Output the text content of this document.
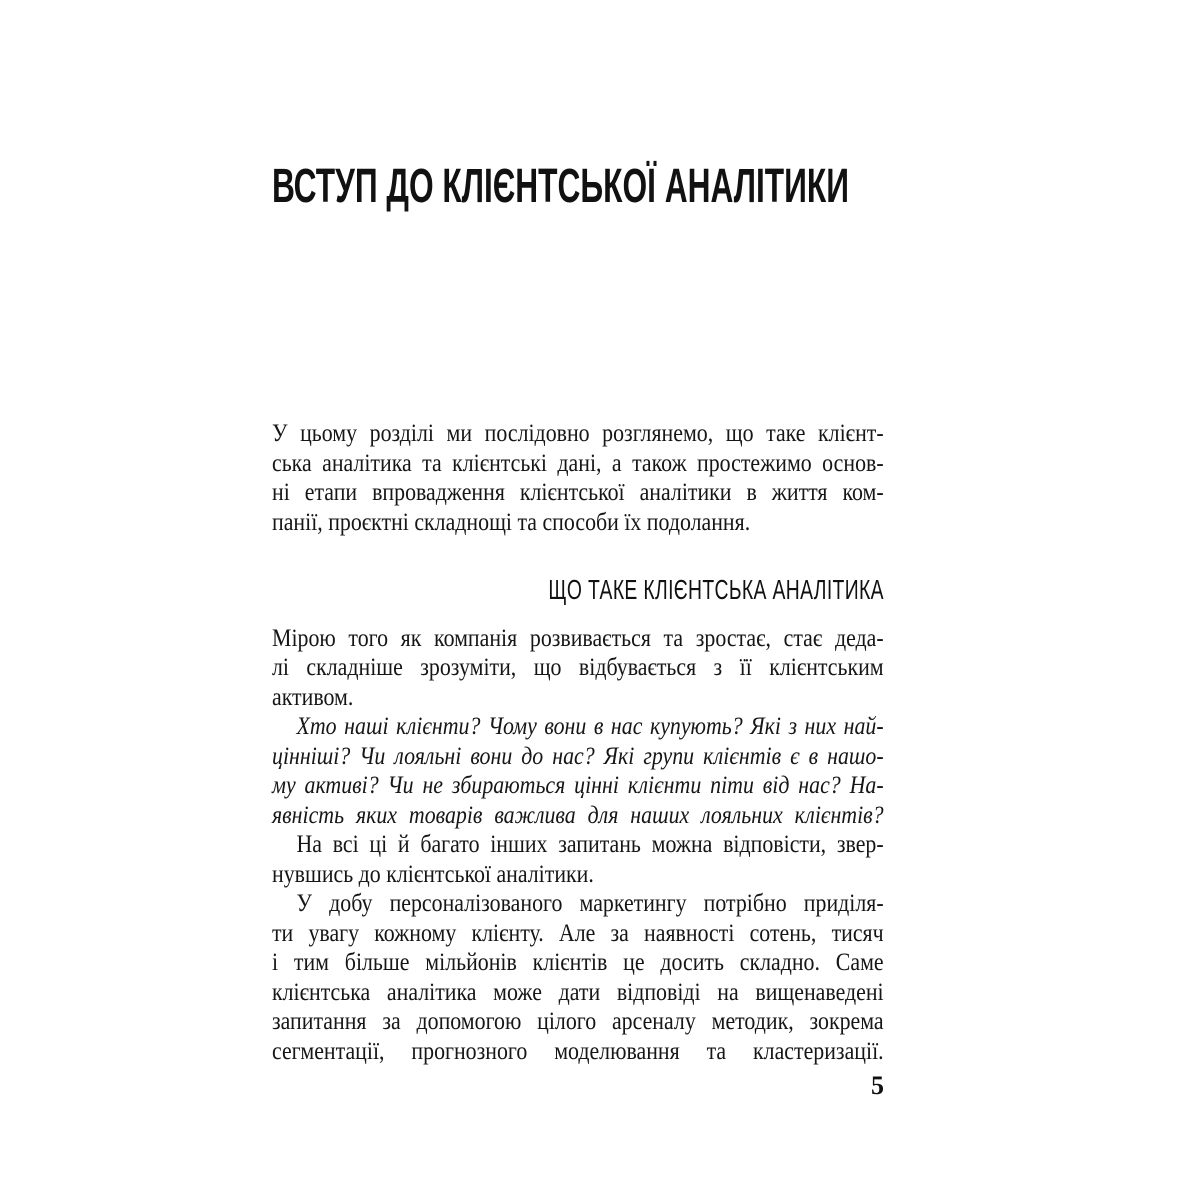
ВСТУП ДО КЛІЄНТСЬКОЇ АНАЛІТИКИ
У цьому розділі ми послідовно розглянемо, що таке клієнт-
ська аналітика та клієнтські дані, а також простежимо основ-
ні етапи впровадження клієнтської аналітики в життя ком-
панії, проєктні складнощі та способи їх подолання.
ЩО ТАКЕ КЛІЄНТСЬКА АНАЛІТИКА
Мірою того як компанія розвивається та зростає, стає деда-
лі складніше зрозуміти, що відбувається з її клієнтським
активом.
Хто наші клієнти? Чому вони в нас купують? Які з них най-
цінніші? Чи лояльні вони до нас? Які групи клієнтів є в нашо-
му активі? Чи не збираються цінні клієнти піти від нас? На-
явність яких товарів важлива для наших лояльних клієнтів?
На всі ці й багато інших запитань можна відповісти, звер-
нувшись до клієнтської аналітики.
У добу персоналізованого маркетингу потрібно приділя-
ти увагу кожному клієнту. Але за наявності сотень, тисяч
і тим більше мільйонів клієнтів це досить складно. Саме
клієнтська аналітика може дати відповіді на вищенаведені
запитання за допомогою цілого арсеналу методик, зокрема
сегментації, прогнозного моделювання та кластеризації.
5
